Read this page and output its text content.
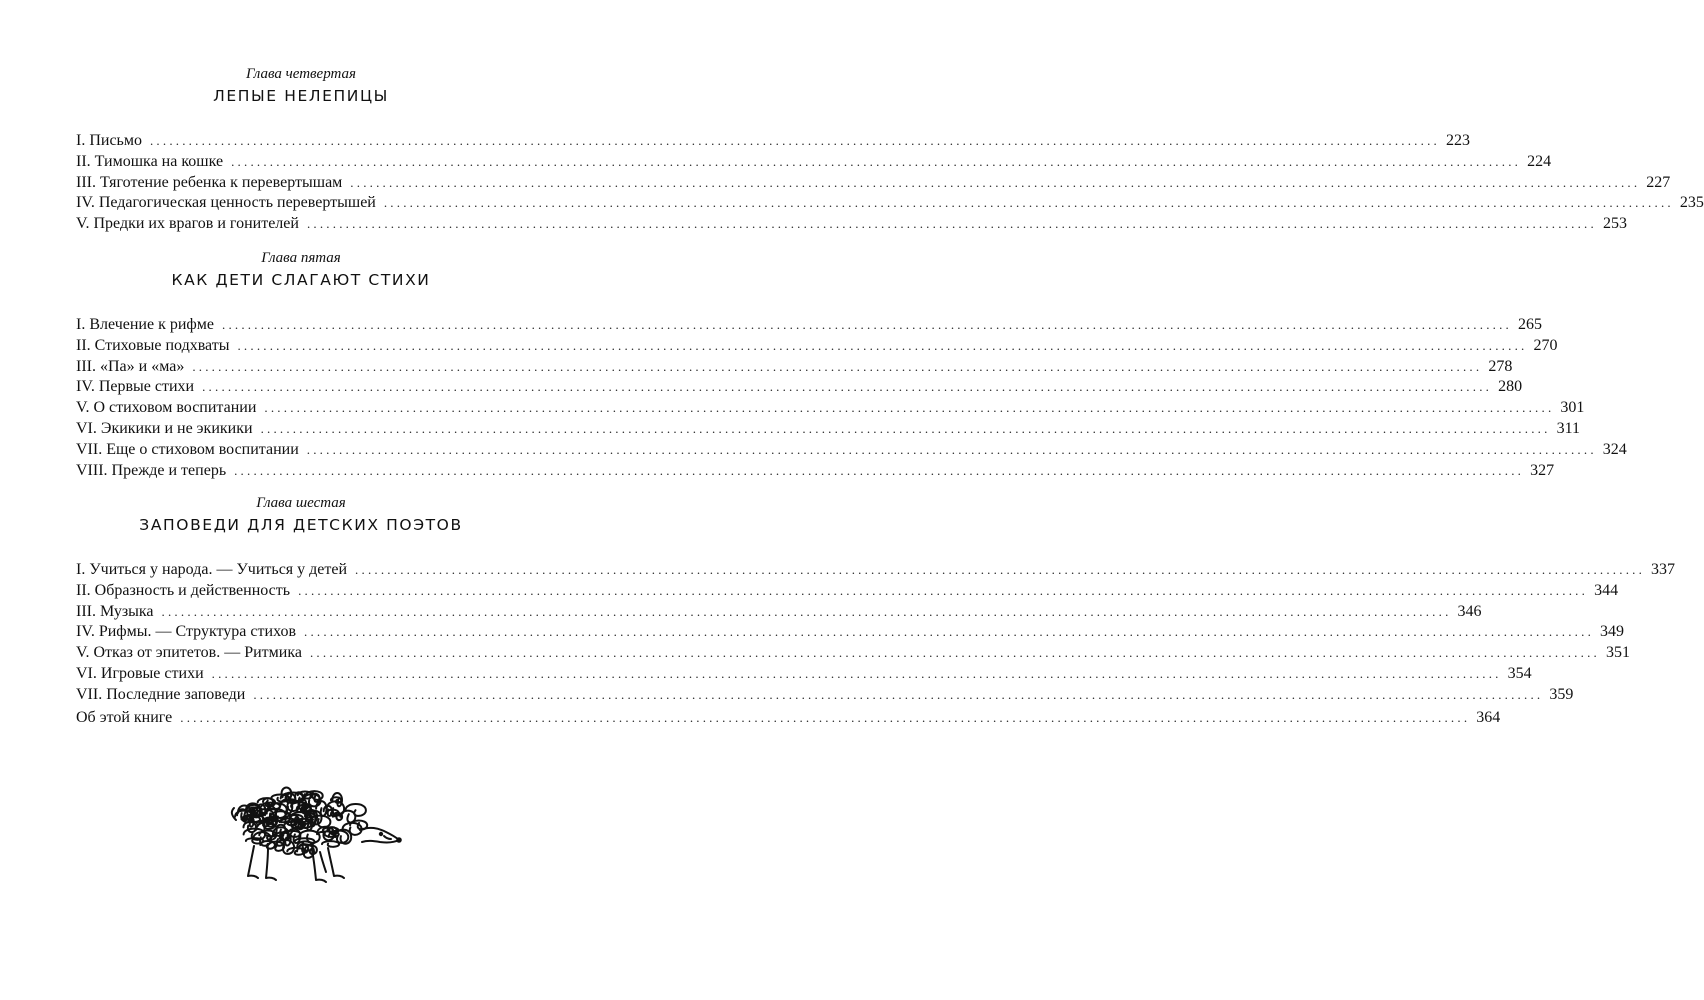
Глава четвертая
ЛЕПЫЕ НЕЛЕПИЦЫ
I. Письмо ........................................................................................................................................................................................................ 223
II. Тимошка на кошке ........................................................................................................................................................................................................ 224
III. Тяготение ребенка к перевертышам ........................................................................................................................................................................................................ 227
IV. Педагогическая ценность перевертышей ........................................................................................................................................................................................................ 235
V. Предки их врагов и гонителей ........................................................................................................................................................................................................ 253
Глава пятая
КАК ДЕТИ СЛАГАЮТ СТИХИ
I. Влечение к рифме ........................................................................................................................................................................................................ 265
II. Стиховые подхваты ........................................................................................................................................................................................................ 270
III. «Па» и «ма» ........................................................................................................................................................................................................ 278
IV. Первые стихи ........................................................................................................................................................................................................ 280
V. О стиховом воспитании ........................................................................................................................................................................................................ 301
VI. Экикики и не экикики ........................................................................................................................................................................................................ 311
VII. Еще о стиховом воспитании ........................................................................................................................................................................................................ 324
VIII. Прежде и теперь ........................................................................................................................................................................................................ 327
Глава шестая
ЗАПОВЕДИ ДЛЯ ДЕТСКИХ ПОЭТОВ
I. Учиться у народа. — Учиться у детей ........................................................................................................................................................................................................ 337
II. Образность и действенность ........................................................................................................................................................................................................ 344
III. Музыка ........................................................................................................................................................................................................ 346
IV. Рифмы. — Структура стихов ........................................................................................................................................................................................................ 349
V. Отказ от эпитетов. — Ритмика ........................................................................................................................................................................................................ 351
VI. Игровые стихи ........................................................................................................................................................................................................ 354
VII. Последние заповеди ........................................................................................................................................................................................................ 359
Об этой книге ........................................................................................................................................................................................................ 364
